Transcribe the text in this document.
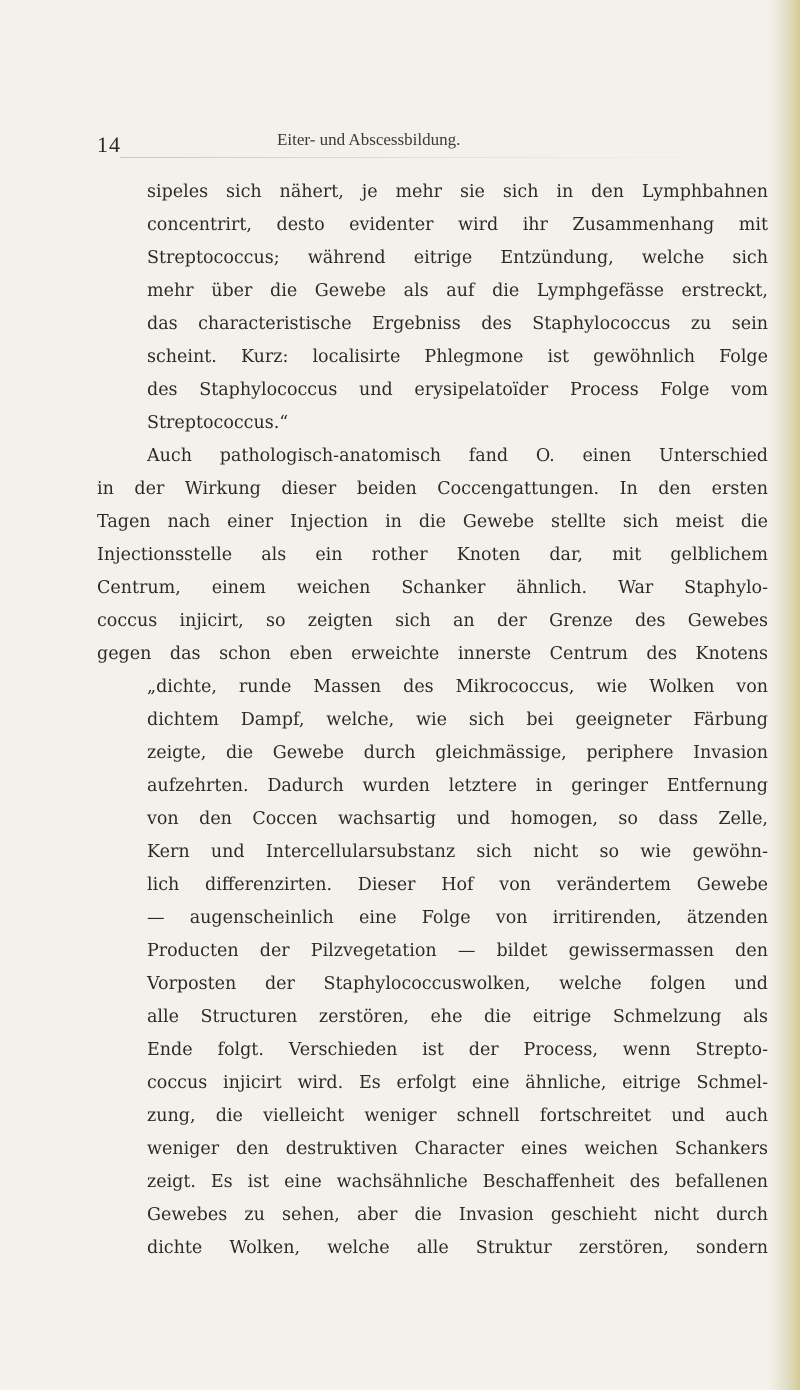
14	Eiter- und Abscessbildung.
sipeles sich nähert, je mehr sie sich in den Lymphbahnen
concentrirt, desto evidenter wird ihr Zusammenhang mit
Streptococcus; während eitrige Entzündung, welche sich
mehr über die Gewebe als auf die Lymphgefässe erstreckt,
das characteristische Ergebniss des Staphylococcus zu sein
scheint. Kurz: localisirte Phlegmone ist gewöhnlich Folge
des Staphylococcus und erysipelatoïder Process Folge vom
Streptococcus.“
Auch pathologisch-anatomisch fand O. einen Unterschied
in der Wirkung dieser beiden Coccengattungen. In den ersten
Tagen nach einer Injection in die Gewebe stellte sich meist die
Injectionsstelle als ein rother Knoten dar, mit gelblichem
Centrum, einem weichen Schanker ähnlich. War Staphylo-
coccus injicirt, so zeigten sich an der Grenze des Gewebes
gegen das schon eben erweichte innerste Centrum des Knotens
„dichte, runde Massen des Mikrococcus, wie Wolken von
dichtem Dampf, welche, wie sich bei geeigneter Färbung
zeigte, die Gewebe durch gleichmässige, periphere Invasion
aufzehrten. Dadurch wurden letztere in geringer Entfernung
von den Coccen wachsartig und homogen, so dass Zelle,
Kern und Intercellularsubstanz sich nicht so wie gewöhn-
lich differenzirten. Dieser Hof von verändertem Gewebe
— augenscheinlich eine Folge von irritirenden, ätzenden
Producten der Pilzvegetation — bildet gewissermassen den
Vorposten der Staphylococcuswolken, welche folgen und
alle Structuren zerstören, ehe die eitrige Schmelzung als
Ende folgt. Verschieden ist der Process, wenn Strepto-
coccus injicirt wird. Es erfolgt eine ähnliche, eitrige Schmel-
zung, die vielleicht weniger schnell fortschreitet und auch
weniger den destruktiven Character eines weichen Schankers
zeigt. Es ist eine wachsähnliche Beschaffenheit des befallenen
Gewebes zu sehen, aber die Invasion geschieht nicht durch
dichte Wolken, welche alle Struktur zerstören, sondern
